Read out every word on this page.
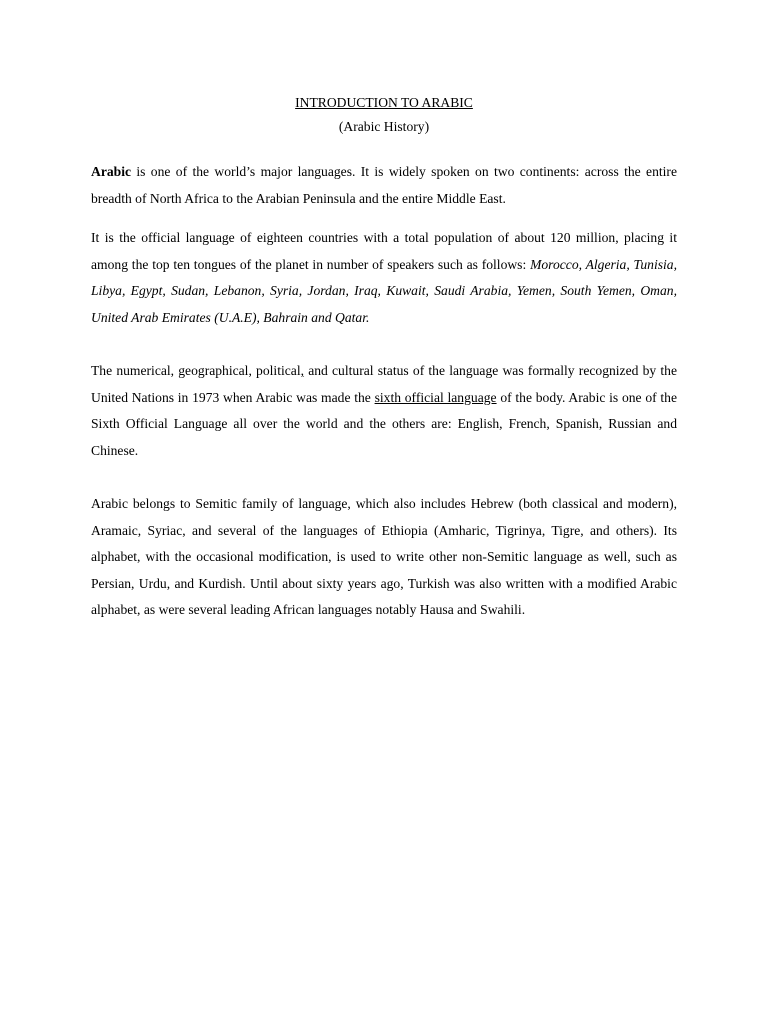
INTRODUCTION TO ARABIC
(Arabic History)

Arabic is one of the world’s major languages. It is widely spoken on two continents: across the entire breadth of North Africa to the Arabian Peninsula and the entire Middle East.

It is the official language of eighteen countries with a total population of about 120 million, placing it among the top ten tongues of the planet in number of speakers such as follows: Morocco, Algeria, Tunisia, Libya, Egypt, Sudan, Lebanon, Syria, Jordan, Iraq, Kuwait, Saudi Arabia, Yemen, South Yemen, Oman, United Arab Emirates (U.A.E), Bahrain and Qatar.

The numerical, geographical, political, and cultural status of the language was formally recognized by the United Nations in 1973 when Arabic was made the sixth official language of the body. Arabic is one of the Sixth Official Language all over the world and the others are: English, French, Spanish, Russian and Chinese.

Arabic belongs to Semitic family of language, which also includes Hebrew (both classical and modern), Aramaic, Syriac, and several of the languages of Ethiopia (Amharic, Tigrinya, Tigre, and others). Its alphabet, with the occasional modification, is used to write other non-Semitic language as well, such as Persian, Urdu, and Kurdish. Until about sixty years ago, Turkish was also written with a modified Arabic alphabet, as were several leading African languages notably Hausa and Swahili.
